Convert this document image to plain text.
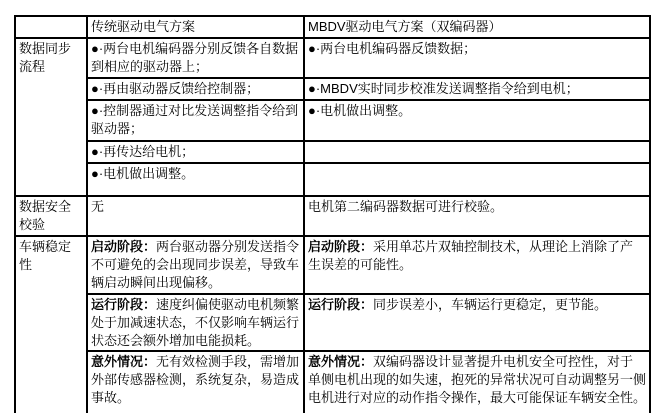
	传统驱动电气方案	MBDV驱动电气方案（双编码器）
数据同步流程	●·两台电机编码器分别反馈各自数据到相应的驱动器上；	●·两台电机编码器反馈数据；
	●·再由驱动器反馈给控制器；	●·MBDV实时同步校准发送调整指令给到电机；
	●·控制器通过对比发送调整指令给到驱动器；	●·电机做出调整。
	●·再传达给电机；	
	●·电机做出调整。	
数据安全校验	无	电机第二编码器数据可进行校验。
车辆稳定性	启动阶段：两台驱动器分别发送指令不可避免的会出现同步误差，导致车辆启动瞬间出现偏移。	启动阶段：采用单芯片双轴控制技术，从理论上消除了产生误差的可能性。
	运行阶段：速度纠偏使驱动电机频繁处于加减速状态，不仅影响车辆运行状态还会额外增加电能损耗。	运行阶段：同步误差小，车辆运行更稳定，更节能。
	意外情况：无有效检测手段，需增加外部传感器检测，系统复杂，易造成事故。	意外情况：双编码器设计显著提升电机安全可控性，对于单侧电机出现的如失速，抱死的异常状况可自动调整另一侧电机进行对应的动作指令操作，最大可能保证车辆安全性。
